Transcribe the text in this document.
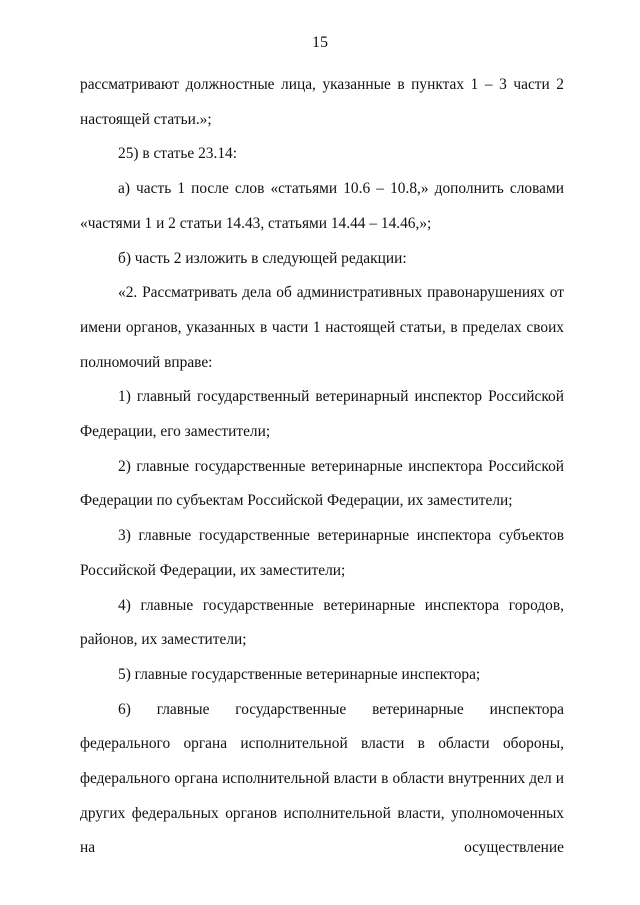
15

рассматривают должностные лица, указанные в пунктах 1 – 3 части 2 настоящей статьи.»;

25) в статье 23.14:

а) часть 1 после слов «статьями 10.6 – 10.8,» дополнить словами «частями 1 и 2 статьи 14.43, статьями 14.44 – 14.46,»;

б) часть 2 изложить в следующей редакции:

«2. Рассматривать дела об административных правонарушениях от имени органов, указанных в части 1 настоящей статьи, в пределах своих полномочий вправе:

1) главный государственный ветеринарный инспектор Российской Федерации, его заместители;

2) главные государственные ветеринарные инспектора Российской Федерации по субъектам Российской Федерации, их заместители;

3) главные государственные ветеринарные инспектора субъектов Российской Федерации, их заместители;

4) главные государственные ветеринарные инспектора городов, районов, их заместители;

5) главные государственные ветеринарные инспектора;

6) главные государственные ветеринарные инспектора федерального органа исполнительной власти в области обороны, федерального органа исполнительной власти в области внутренних дел и других федеральных органов исполнительной власти, уполномоченных на осуществление
